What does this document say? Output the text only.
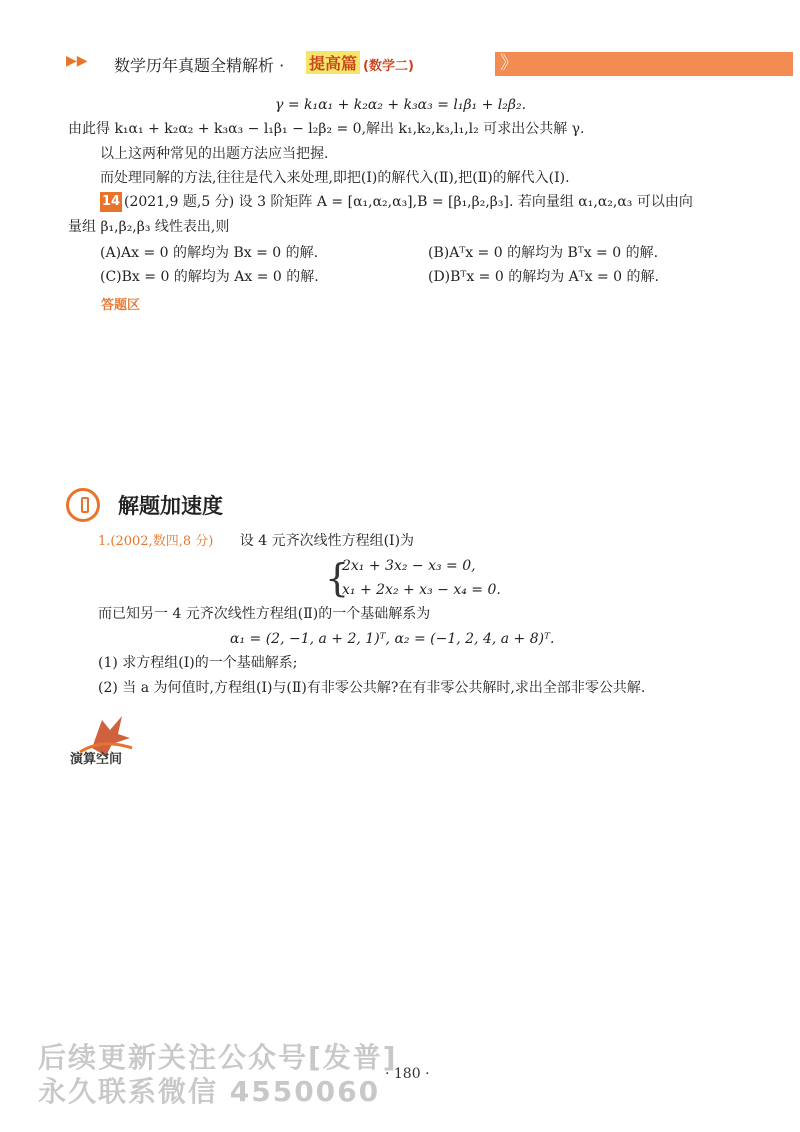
▶▶ 数学历年真题全精解析 · 提高篇 (数学二)	》
γ = k₁α₁ + k₂α₂ + k₃α₃ = l₁β₁ + l₂β₂.
由此得 k₁α₁ + k₂α₂ + k₃α₃ − l₁β₁ − l₂β₂ = 0,解出 k₁,k₂,k₃,l₁,l₂ 可求出公共解 γ.
以上这两种常见的出题方法应当把握.
而处理同解的方法,往往是代入来处理,即把(Ⅰ)的解代入(Ⅱ),把(Ⅱ)的解代入(Ⅰ).
14 (2021,9 题,5 分) 设 3 阶矩阵 A = [α₁,α₂,α₃],B = [β₁,β₂,β₃]. 若向量组 α₁,α₂,α₃ 可以由向
量组 β₁,β₂,β₃ 线性表出,则
(A)Ax = 0 的解均为 Bx = 0 的解.	(B)Aᵀx = 0 的解均为 Bᵀx = 0 的解.
(C)Bx = 0 的解均为 Ax = 0 的解.	(D)Bᵀx = 0 的解均为 Aᵀx = 0 的解.
答题区
解题加速度
1.(2002,数四,8 分) 设 4 元齐次线性方程组(Ⅰ)为
{
2x₁ + 3x₂ − x₃ = 0,
x₁ + 2x₂ + x₃ − x₄ = 0.
而已知另一 4 元齐次线性方程组(Ⅱ)的一个基础解系为
α₁ = (2, −1, a + 2, 1)ᵀ, α₂ = (−1, 2, 4, a + 8)ᵀ.
(1) 求方程组(Ⅰ)的一个基础解系;
(2) 当 a 为何值时,方程组(Ⅰ)与(Ⅱ)有非零公共解?在有非零公共解时,求出全部非零公共解.
演算空间
· 180 ·
后续更新关注公众号[发普]
永久联系微信 4550060
